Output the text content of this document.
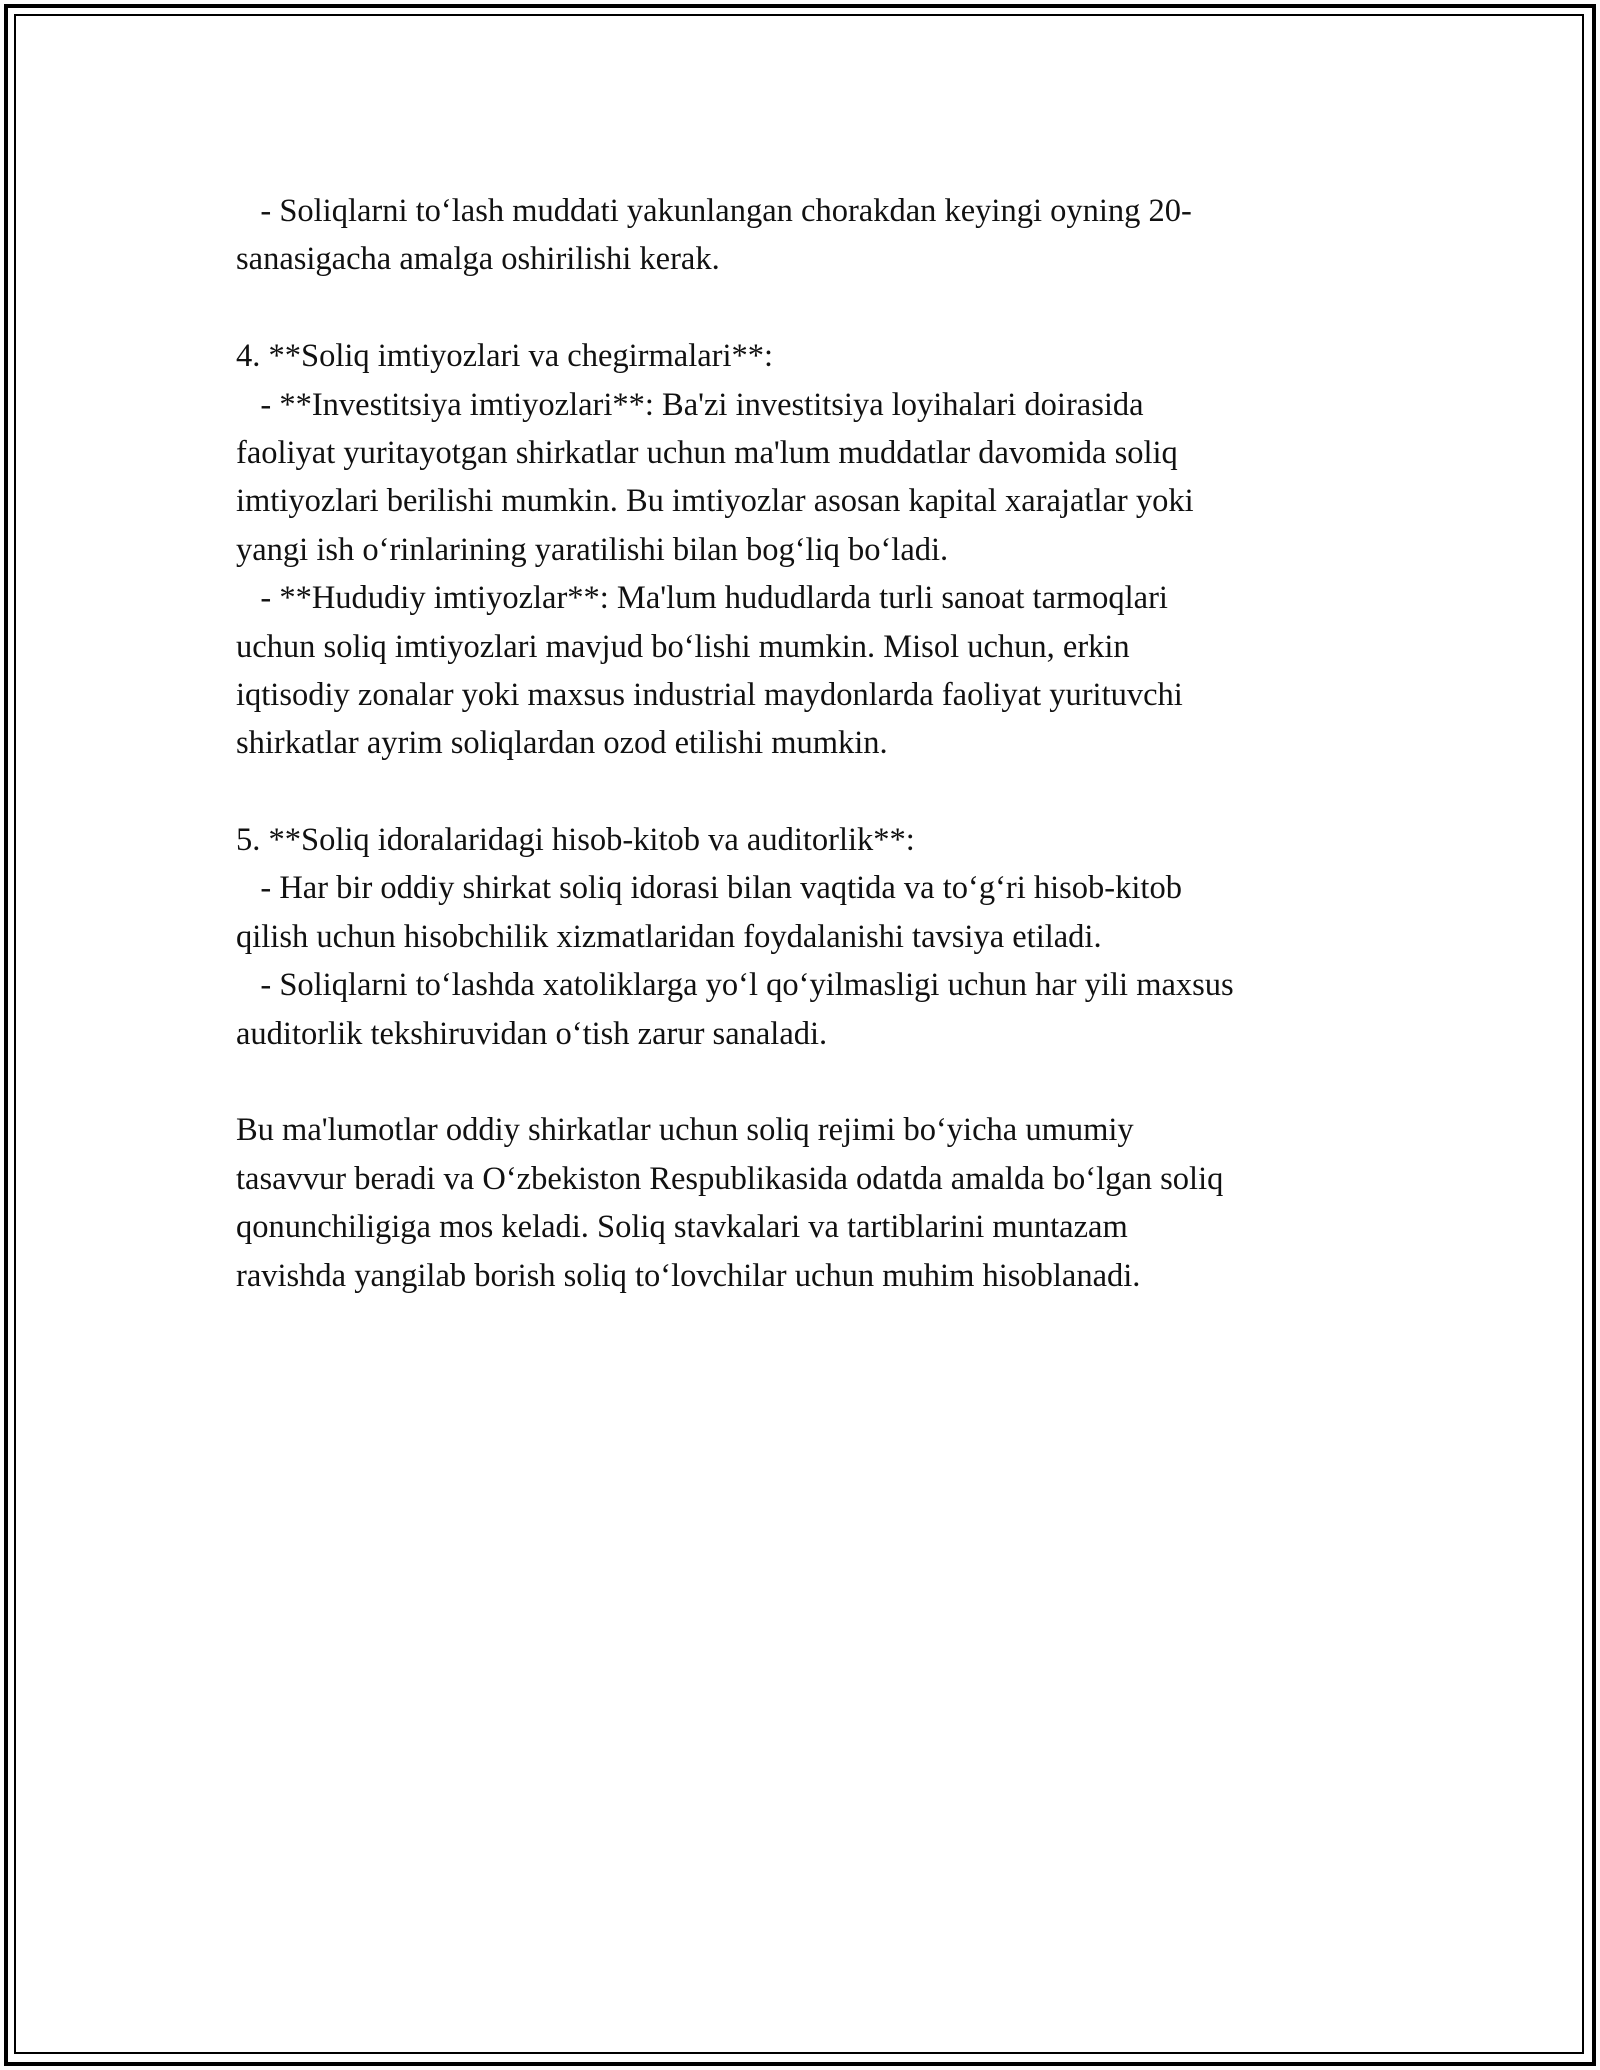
- Soliqlarni to‘lash muddati yakunlangan chorakdan keyingi oyning 20-
sanasigacha amalga oshirilishi kerak.
4. **Soliq imtiyozlari va chegirmalari**:
- **Investitsiya imtiyozlari**: Ba'zi investitsiya loyihalari doirasida
faoliyat yuritayotgan shirkatlar uchun ma'lum muddatlar davomida soliq
imtiyozlari berilishi mumkin. Bu imtiyozlar asosan kapital xarajatlar yoki
yangi ish o‘rinlarining yaratilishi bilan bog‘liq bo‘ladi.
- **Hududiy imtiyozlar**: Ma'lum hududlarda turli sanoat tarmoqlari
uchun soliq imtiyozlari mavjud bo‘lishi mumkin. Misol uchun, erkin
iqtisodiy zonalar yoki maxsus industrial maydonlarda faoliyat yurituvchi
shirkatlar ayrim soliqlardan ozod etilishi mumkin.
5. **Soliq idoralaridagi hisob-kitob va auditorlik**:
- Har bir oddiy shirkat soliq idorasi bilan vaqtida va to‘g‘ri hisob-kitob
qilish uchun hisobchilik xizmatlaridan foydalanishi tavsiya etiladi.
- Soliqlarni to‘lashda xatoliklarga yo‘l qo‘yilmasligi uchun har yili maxsus
auditorlik tekshiruvidan o‘tish zarur sanaladi.
Bu ma'lumotlar oddiy shirkatlar uchun soliq rejimi bo‘yicha umumiy
tasavvur beradi va O‘zbekiston Respublikasida odatda amalda bo‘lgan soliq
qonunchiligiga mos keladi. Soliq stavkalari va tartiblarini muntazam
ravishda yangilab borish soliq to‘lovchilar uchun muhim hisoblanadi.
